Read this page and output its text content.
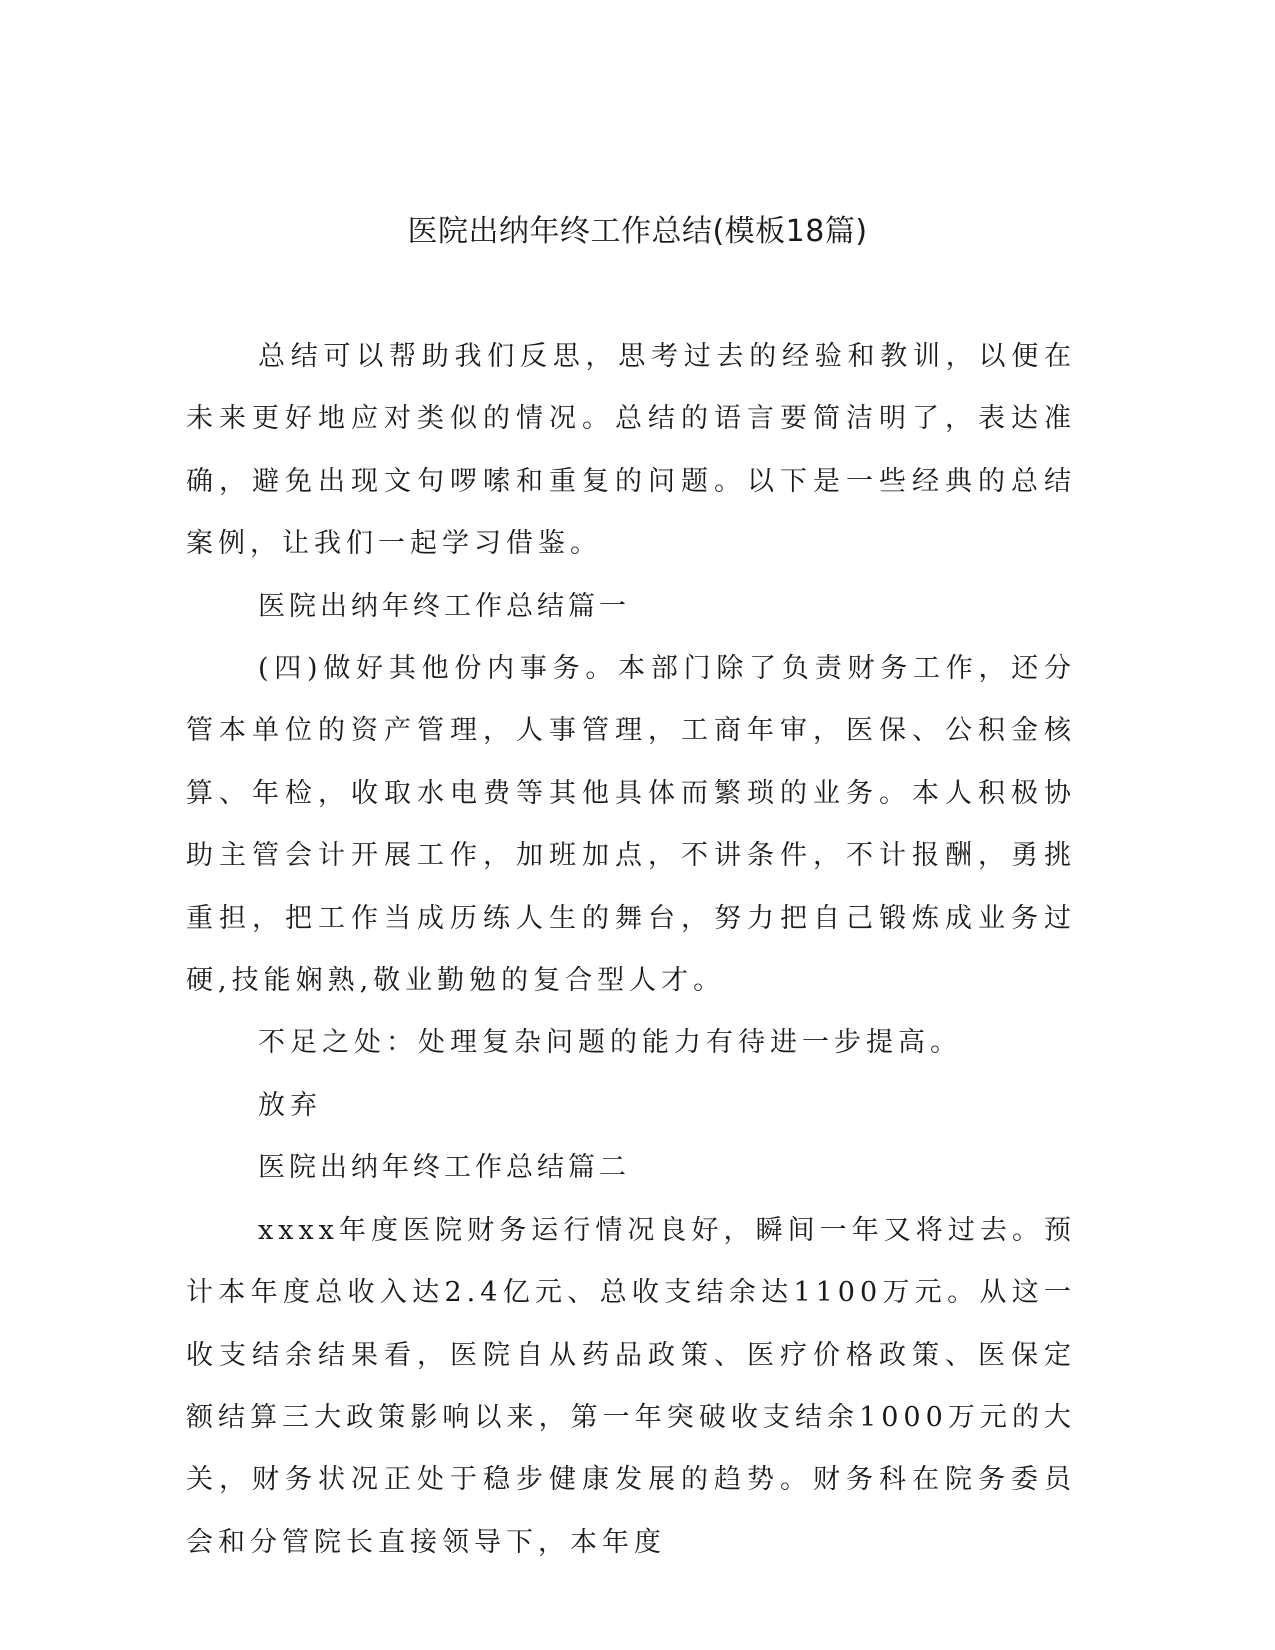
医院出纳年终工作总结(模板18篇)

总结可以帮助我们反思，思考过去的经验和教训，以便在未来更好地应对类似的情况。总结的语言要简洁明了，表达准确，避免出现文句啰嗦和重复的问题。以下是一些经典的总结案例，让我们一起学习借鉴。

医院出纳年终工作总结篇一

(四)做好其他份内事务。本部门除了负责财务工作，还分管本单位的资产管理，人事管理，工商年审，医保、公积金核算、年检，收取水电费等其他具体而繁琐的业务。本人积极协助主管会计开展工作，加班加点，不讲条件，不计报酬，勇挑重担，把工作当成历练人生的舞台，努力把自己锻炼成业务过硬,技能娴熟,敬业勤勉的复合型人才。

不足之处：处理复杂问题的能力有待进一步提高。

放弃

医院出纳年终工作总结篇二

xxxx年度医院财务运行情况良好，瞬间一年又将过去。预计本年度总收入达2.4亿元、总收支结余达1100万元。从这一收支结余结果看，医院自从药品政策、医疗价格政策、医保定额结算三大政策影响以来，第一年突破收支结余1000万元的大关，财务状况正处于稳步健康发展的趋势。财务科在院务委员会和分管院长直接领导下，本年度
